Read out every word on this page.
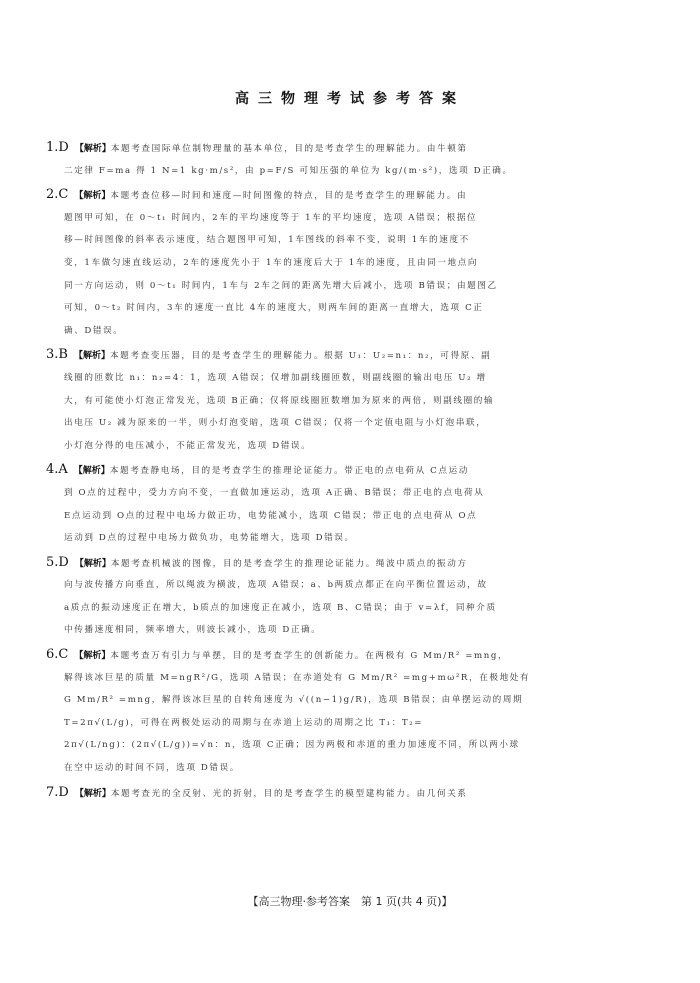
高三物理考试参考答案
1.D 【解析】本题考查国际单位制物理量的基本单位，目的是考查学生的理解能力。由牛顿第
二定律 F=ma 得 1 N=1 kg·m/s²，由 p=F/S 可知压强的单位为 kg/(m·s²)，选项 D正确。
2.C 【解析】本题考查位移—时间和速度—时间图像的特点，目的是考查学生的理解能力。由
题图甲可知，在 0～t₁ 时间内，2车的平均速度等于 1车的平均速度，选项 A错误；根据位
移—时间图像的斜率表示速度，结合题图甲可知，1车图线的斜率不变，说明 1车的速度不
变，1车做匀速直线运动，2车的速度先小于 1车的速度后大于 1车的速度，且由同一地点向
同一方向运动，则 0～t₁ 时间内，1车与 2车之间的距离先增大后减小，选项 B错误；由题图乙
可知，0～t₂ 时间内，3车的速度一直比 4车的速度大，则两车间的距离一直增大，选项 C正
确、D错误。
3.B 【解析】本题考查变压器，目的是考查学生的理解能力。根据 U₁：U₂=n₁：n₂，可得原、副
线圈的匝数比 n₁：n₂=4：1，选项 A错误；仅增加副线圈匝数，则副线圈的输出电压 U₂ 增
大，有可能使小灯泡正常发光，选项 B正确；仅将原线圈匝数增加为原来的两倍，则副线圈的输
出电压 U₂ 减为原来的一半，则小灯泡变暗，选项 C错误；仅将一个定值电阻与小灯泡串联，
小灯泡分得的电压减小，不能正常发光，选项 D错误。
4.A 【解析】本题考查静电场，目的是考查学生的推理论证能力。带正电的点电荷从 C点运动
到 O点的过程中，受力方向不变，一直做加速运动，选项 A正确、B错误；带正电的点电荷从
E点运动到 O点的过程中电场力做正功，电势能减小，选项 C错误；带正电的点电荷从 O点
运动到 D点的过程中电场力做负功，电势能增大，选项 D错误。
5.D 【解析】本题考查机械波的图像，目的是考查学生的推理论证能力。绳波中质点的振动方
向与波传播方向垂直，所以绳波为横波，选项 A错误；a、b两质点都正在向平衡位置运动，故
a质点的振动速度正在增大，b质点的加速度正在减小，选项 B、C错误；由于 v=λf，同种介质
中传播速度相同，频率增大，则波长减小，选项 D正确。
6.C 【解析】本题考查万有引力与单摆，目的是考查学生的创新能力。在两极有 G Mm/R² =mng，
解得该冰巨星的质量 M=ngR²/G，选项 A错误；在赤道处有 G Mm/R² =mg+mω²R，在极地处有
G Mm/R² =mng，解得该冰巨星的自转角速度为 √((n−1)g/R)，选项 B错误；由单摆运动的周期
T=2π√(L/g)，可得在两极处运动的周期与在赤道上运动的周期之比 T₁：T₂=
2π√(L/ng)：(2π√(L/g))=√n：n，选项 C正确；因为两极和赤道的重力加速度不同，所以两小球
在空中运动的时间不同，选项 D错误。
7.D 【解析】本题考查光的全反射、光的折射，目的是考查学生的模型建构能力。由几何关系
【高三物理·参考答案　第 1 页(共 4 页)】
